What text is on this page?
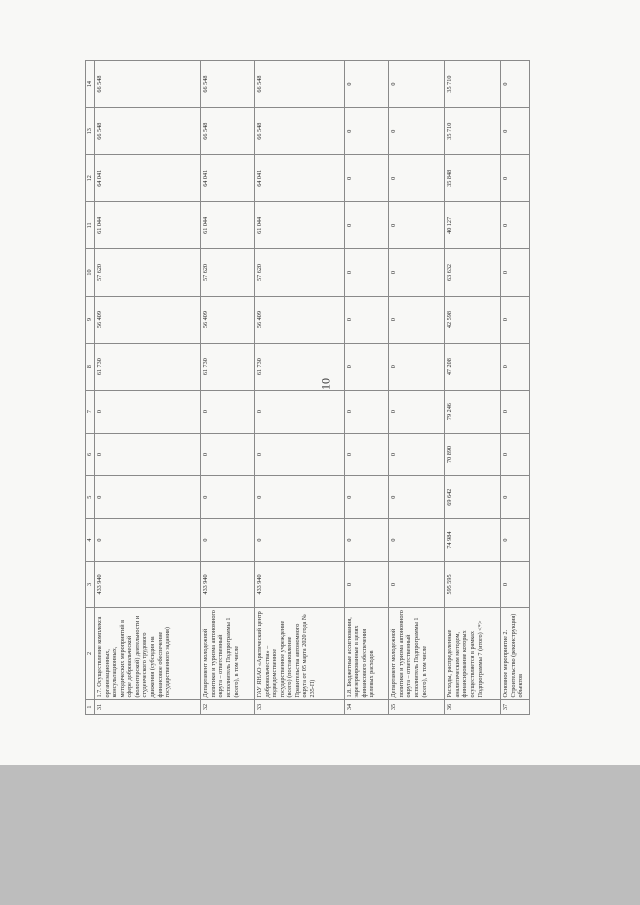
10
1	2	3	4	5	6	7	8	9	10	11	12	13	14
31	1.7. Осуществление комплекса организационных, консультационных, методических мероприятий в сфере добровольческой (волонтерской) деятельности и студенческого трудового движения (субсидия на финансовое обеспечение государственного задания)	433 940	0	0	0	0	61 730	56 409	57 620	61 044	64 041	66 548	66 548
32	Департамент молодежной политики и туризма автономного округа – ответственный исполнитель Подпрограммы 1 (всего), в том числе	433 940	0	0	0	0	61 730	56 409	57 620	61 044	64 041	66 548	66 548
33	ГАУ ЯНАО «Арктический центр добровольчества» – подведомственное государственное учреждение (всего) (постановление Правительства автономного округа от 05 марта 2020 года № 235-П)	433 940	0	0	0	0	61 730	56 409	57 620	61 044	64 041	66 548	66 548
34	1.8. Бюджетные ассигнования, зарезервированные в целях финансового обеспечения целевых расходов	0	0	0	0	0	0	0	0	0	0	0	0
35	Департамент молодежной политики и туризма автономного округа – ответственный исполнитель Подпрограммы 1 (всего), в том числе	0	0	0	0	0	0	0	0	0	0	0	0
36	Расходы, распределенные аналитическим методом, финансирование которых осуществляется в рамках Подпрограммы 7 (итого) <*>	595 595	74 984	69 642	70 890	79 246	47 208	42 598	63 632	40 127	35 848	35 710	35 710
37	Основное мероприятие 2. Строительство (реконструкция) объектов	0	0	0	0	0	0	0	0	0	0	0	0
